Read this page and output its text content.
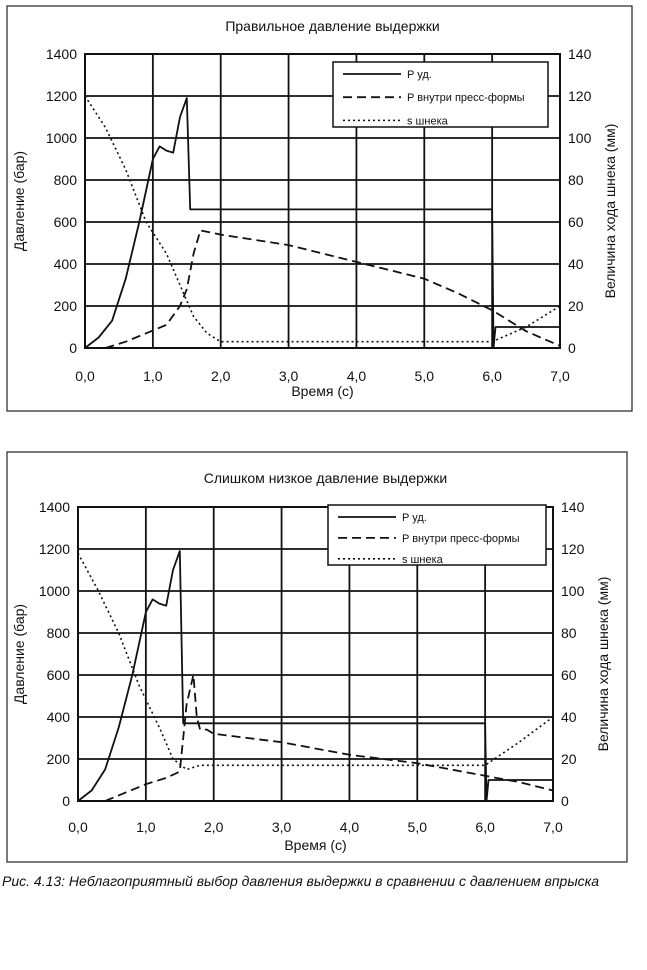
Правильное давление выдержки
0
200
400
600
800
1000
1200
1400
0
20
40
60
80
100
120
140
0,0	1,0	2,0	3,0	4,0	5,0	6,0	7,0
Время (с)
Давление (бар)	Величина хода шнека (мм)
P уд.
P внутри пресс-формы
s шнека
Слишком низкое давление выдержки
0
200
400
600
800
1000
1200
1400
0
20
40
60
80
100
120
140
0,0	1,0	2,0	3,0	4,0	5,0	6,0	7,0
Время (с)
Давление (бар)	Величина хода шнека (мм)
P уд.
P внутри пресс-формы
s шнека
Рис. 4.13: Неблагоприятный выбор давления выдержки в сравнении с давлением впрыска
